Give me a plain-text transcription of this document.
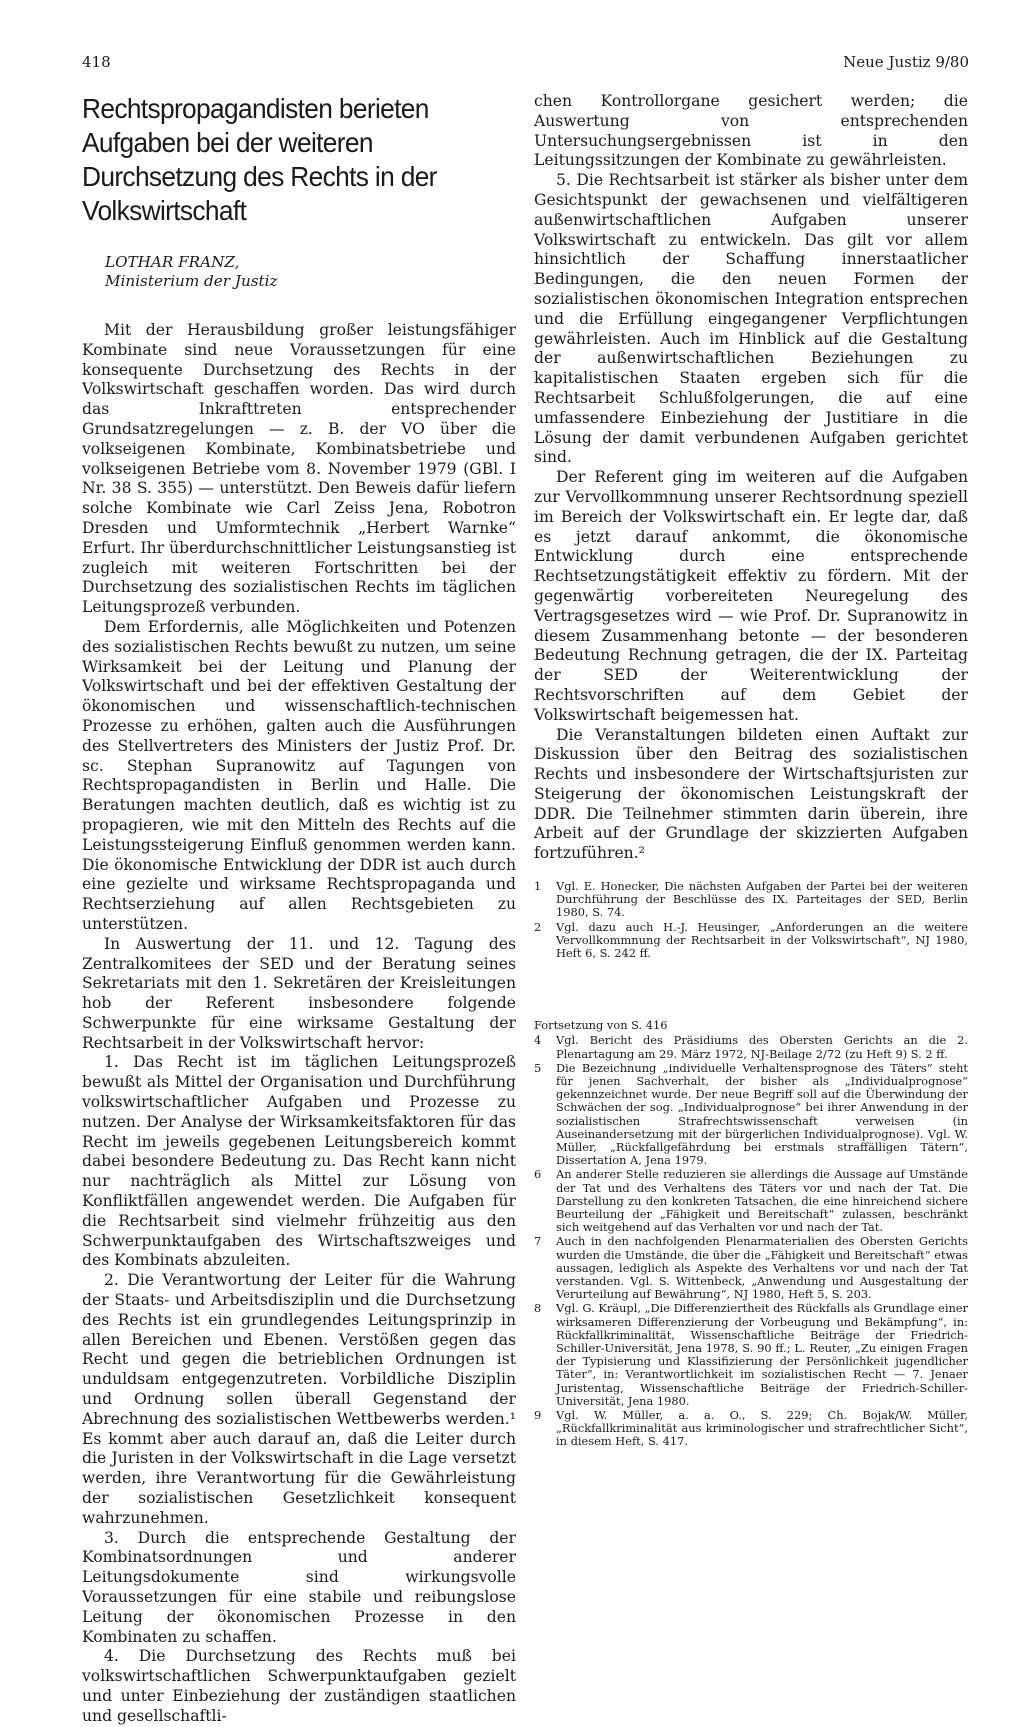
418	Neue Justiz 9/80
Rechtspropagandisten berieten Aufgaben bei der weiteren Durchsetzung des Rechts in der Volkswirtschaft
LOTHAR FRANZ,
Ministerium der Justiz

Mit der Herausbildung großer leistungsfähiger Kombinate sind neue Voraussetzungen für eine konsequente Durchsetzung des Rechts in der Volkswirtschaft geschaffen worden. Das wird durch das Inkrafttreten entsprechender Grundsatzregelungen — z. B. der VO über die volkseigenen Kombinate, Kombinatsbetriebe und volkseigenen Betriebe vom 8. November 1979 (GBl. I Nr. 38 S. 355) — unterstützt. Den Beweis dafür liefern solche Kombinate wie Carl Zeiss Jena, Robotron Dresden und Umformtechnik „Herbert Warnke“ Erfurt. Ihr überdurchschnittlicher Leistungsanstieg ist zugleich mit weiteren Fortschritten bei der Durchsetzung des sozialistischen Rechts im täglichen Leitungsprozeß verbunden.

Dem Erfordernis, alle Möglichkeiten und Potenzen des sozialistischen Rechts bewußt zu nutzen, um seine Wirksamkeit bei der Leitung und Planung der Volkswirtschaft und bei der effektiven Gestaltung der ökonomischen und wissenschaftlich-technischen Prozesse zu erhöhen, galten auch die Ausführungen des Stellvertreters des Ministers der Justiz Prof. Dr. sc. Stephan Supranowitz auf Tagungen von Rechtspropagandisten in Berlin und Halle. Die Beratungen machten deutlich, daß es wichtig ist zu propagieren, wie mit den Mitteln des Rechts auf die Leistungssteigerung Einfluß genommen werden kann. Die ökonomische Entwicklung der DDR ist auch durch eine gezielte und wirksame Rechtspropaganda und Rechtserziehung auf allen Rechtsgebieten zu unterstützen.

In Auswertung der 11. und 12. Tagung des Zentralkomitees der SED und der Beratung seines Sekretariats mit den 1. Sekretären der Kreisleitungen hob der Referent insbesondere folgende Schwerpunkte für eine wirksame Gestaltung der Rechtsarbeit in der Volkswirtschaft hervor:

1. Das Recht ist im täglichen Leitungsprozeß bewußt als Mittel der Organisation und Durchführung volkswirtschaftlicher Aufgaben und Prozesse zu nutzen. Der Analyse der Wirksamkeitsfaktoren für das Recht im jeweils gegebenen Leitungsbereich kommt dabei besondere Bedeutung zu. Das Recht kann nicht nur nachträglich als Mittel zur Lösung von Konfliktfällen angewendet werden. Die Aufgaben für die Rechtsarbeit sind vielmehr frühzeitig aus den Schwerpunktaufgaben des Wirtschaftszweiges und des Kombinats abzuleiten.

2. Die Verantwortung der Leiter für die Wahrung der Staats- und Arbeitsdisziplin und die Durchsetzung des Rechts ist ein grundlegendes Leitungsprinzip in allen Bereichen und Ebenen. Verstößen gegen das Recht und gegen die betrieblichen Ordnungen ist unduldsam entgegenzutreten. Vorbildliche Disziplin und Ordnung sollen überall Gegenstand der Abrechnung des sozialistischen Wettbewerbs werden.¹ Es kommt aber auch darauf an, daß die Leiter durch die Juristen in der Volkswirtschaft in die Lage versetzt werden, ihre Verantwortung für die Gewährleistung der sozialistischen Gesetzlichkeit konsequent wahrzunehmen.

3. Durch die entsprechende Gestaltung der Kombinatsordnungen und anderer Leitungsdokumente sind wirkungsvolle Voraussetzungen für eine stabile und reibungslose Leitung der ökonomischen Prozesse in den Kombinaten zu schaffen.

4. Die Durchsetzung des Rechts muß bei volkswirtschaftlichen Schwerpunktaufgaben gezielt und unter Einbeziehung der zuständigen staatlichen und gesellschaftli-

chen Kontrollorgane gesichert werden; die Auswertung von entsprechenden Untersuchungsergebnissen ist in den Leitungssitzungen der Kombinate zu gewährleisten.

5. Die Rechtsarbeit ist stärker als bisher unter dem Gesichtspunkt der gewachsenen und vielfältigeren außenwirtschaftlichen Aufgaben unserer Volkswirtschaft zu entwickeln. Das gilt vor allem hinsichtlich der Schaffung innerstaatlicher Bedingungen, die den neuen Formen der sozialistischen ökonomischen Integration entsprechen und die Erfüllung eingegangener Verpflichtungen gewährleisten. Auch im Hinblick auf die Gestaltung der außenwirtschaftlichen Beziehungen zu kapitalistischen Staaten ergeben sich für die Rechtsarbeit Schlußfolgerungen, die auf eine umfassendere Einbeziehung der Justitiare in die Lösung der damit verbundenen Aufgaben gerichtet sind.

Der Referent ging im weiteren auf die Aufgaben zur Vervollkommnung unserer Rechtsordnung speziell im Bereich der Volkswirtschaft ein. Er legte dar, daß es jetzt darauf ankommt, die ökonomische Entwicklung durch eine entsprechende Rechtsetzungstätigkeit effektiv zu fördern. Mit der gegenwärtig vorbereiteten Neuregelung des Vertragsgesetzes wird — wie Prof. Dr. Supranowitz in diesem Zusammenhang betonte — der besonderen Bedeutung Rechnung getragen, die der IX. Parteitag der SED der Weiterentwicklung der Rechtsvorschriften auf dem Gebiet der Volkswirtschaft beigemessen hat.

Die Veranstaltungen bildeten einen Auftakt zur Diskussion über den Beitrag des sozialistischen Rechts und insbesondere der Wirtschaftsjuristen zur Steigerung der ökonomischen Leistungskraft der DDR. Die Teilnehmer stimmten darin überein, ihre Arbeit auf der Grundlage der skizzierten Aufgaben fortzuführen.²

1	Vgl. E. Honecker, Die nächsten Aufgaben der Partei bei der weiteren Durchführung der Beschlüsse des IX. Parteitages der SED, Berlin 1980, S. 74.
2	Vgl. dazu auch H.-J. Heusinger, „Anforderungen an die weitere Vervollkommnung der Rechtsarbeit in der Volkswirtschaft“, NJ 1980, Heft 6, S. 242 ff.
Fortsetzung von S. 416
4	Vgl. Bericht des Präsidiums des Obersten Gerichts an die 2. Plenartagung am 29. März 1972, NJ-Beilage 2/72 (zu Heft 9) S. 2 ff.
5	Die Bezeichnung „individuelle Verhaltensprognose des Täters“ steht für jenen Sachverhalt, der bisher als „Individualprognose“ gekennzeichnet wurde. Der neue Begriff soll auf die Überwindung der Schwächen der sog. „Individualprognose“ bei ihrer Anwendung in der sozialistischen Strafrechtswissenschaft verweisen (in Auseinandersetzung mit der bürgerlichen Individualprognose). Vgl. W. Müller, „Rückfallgefährdung bei erstmals straffälligen Tätern“, Dissertation A, Jena 1979.
6	An anderer Stelle reduzieren sie allerdings die Aussage auf Umstände der Tat und des Verhaltens des Täters vor und nach der Tat. Die Darstellung zu den konkreten Tatsachen, die eine hinreichend sichere Beurteilung der „Fähigkeit und Bereitschaft“ zulassen, beschränkt sich weitgehend auf das Verhalten vor und nach der Tat.
7	Auch in den nachfolgenden Plenarmaterialien des Obersten Gerichts wurden die Umstände, die über die „Fähigkeit und Bereitschaft“ etwas aussagen, lediglich als Aspekte des Verhaltens vor und nach der Tat verstanden. Vgl. S. Wittenbeck, „Anwendung und Ausgestaltung der Verurteilung auf Bewährung“, NJ 1980, Heft 5, S. 203.
8	Vgl. G. Kräupl, „Die Differenziertheit des Rückfalls als Grundlage einer wirksameren Differenzierung der Vorbeugung und Bekämpfung“, in: Rückfallkriminalität, Wissenschaftliche Beiträge der Friedrich-Schiller-Universität, Jena 1978, S. 90 ff.; L. Reuter, „Zu einigen Fragen der Typisierung und Klassifizierung der Persönlichkeit jugendlicher Täter“, in: Verantwortlichkeit im sozialistischen Recht — 7. Jenaer Juristentag, Wissenschaftliche Beiträge der Friedrich-Schiller-Universität, Jena 1980.
9	Vgl. W. Müller, a. a. O., S. 229; Ch. Bojak/W. Müller, „Rückfallkriminalität aus kriminologischer und strafrechtlicher Sicht“, in diesem Heft, S. 417.
